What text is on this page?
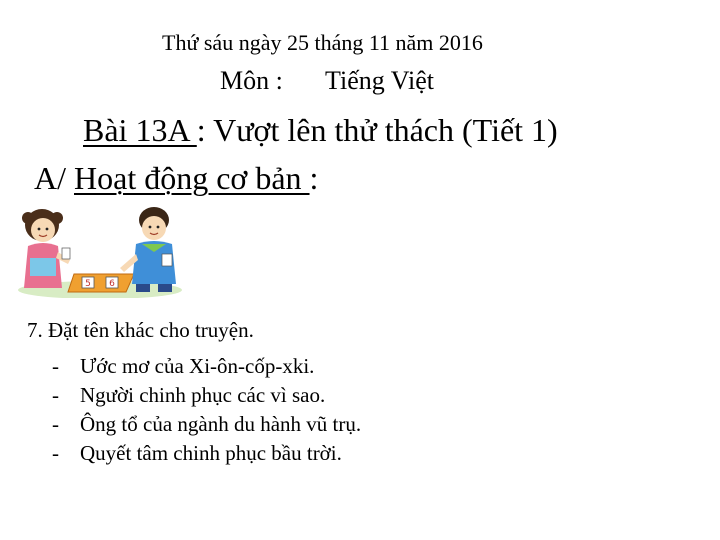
Thứ sáu ngày 25 tháng 11 năm 2016
Môn : Tiếng Việt
Bài 13A : Vượt lên thử thách (Tiết 1)
A/ Hoạt động cơ bản :
5 6
7. Đặt tên khác cho truyện.
- Ước mơ của Xi-ôn-cốp-xki.
- Người chinh phục các vì sao.
- Ông tổ của ngành du hành vũ trụ.
- Quyết tâm chinh phục bầu trời.
